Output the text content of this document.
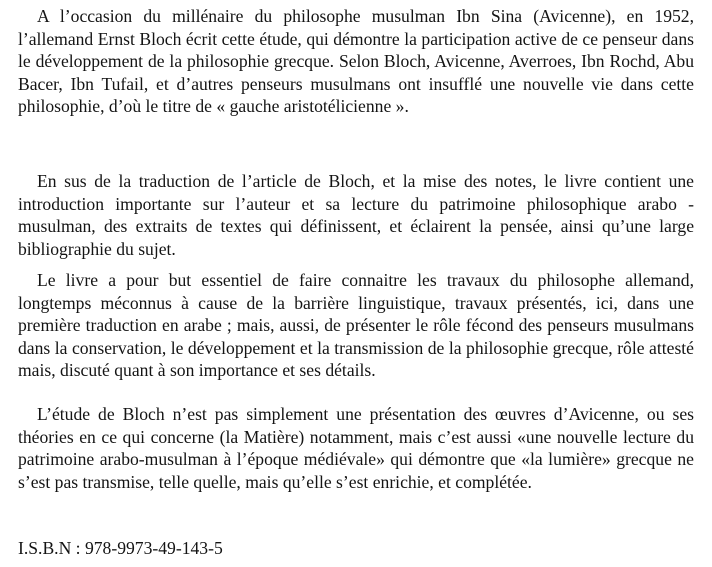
A l’occasion du millénaire du philosophe musulman Ibn Sina (Avicenne), en 1952, l’allemand Ernst Bloch écrit cette étude, qui démontre la participation active de ce penseur dans le développement de la philosophie grecque. Selon Bloch, Avicenne, Averroes, Ibn Rochd, Abu Bacer, Ibn Tufail, et d’autres penseurs musulmans ont insufflé une nouvelle vie dans cette philosophie, d’où le titre de « gauche aristotélicienne ».

En sus de la traduction de l’article de Bloch, et la mise des notes, le livre contient une introduction importante sur l’auteur et sa lecture du patrimoine philosophique arabo - musulman, des extraits de textes qui définissent, et éclairent la pensée, ainsi qu’une large bibliographie du sujet.

Le livre a pour but essentiel de faire connaitre les travaux du philosophe allemand, longtemps méconnus à cause de la barrière linguistique, travaux présentés, ici, dans une première traduction en arabe ; mais, aussi, de présenter le rôle fécond des penseurs musulmans dans la conservation, le développement et la transmission de la philosophie grecque, rôle attesté mais, discuté quant à son importance et ses détails.

L’étude de Bloch n’est pas simplement une présentation des œuvres d’Avicenne, ou ses théories en ce qui concerne (la Matière) notamment, mais c’est aussi «une nouvelle lecture du patrimoine arabo-musulman à l’époque médiévale» qui démontre que «la lumière» grecque ne s’est pas transmise, telle quelle, mais qu’elle s’est enrichie, et complétée.

I.S.B.N : 978-9973-49-143-5
